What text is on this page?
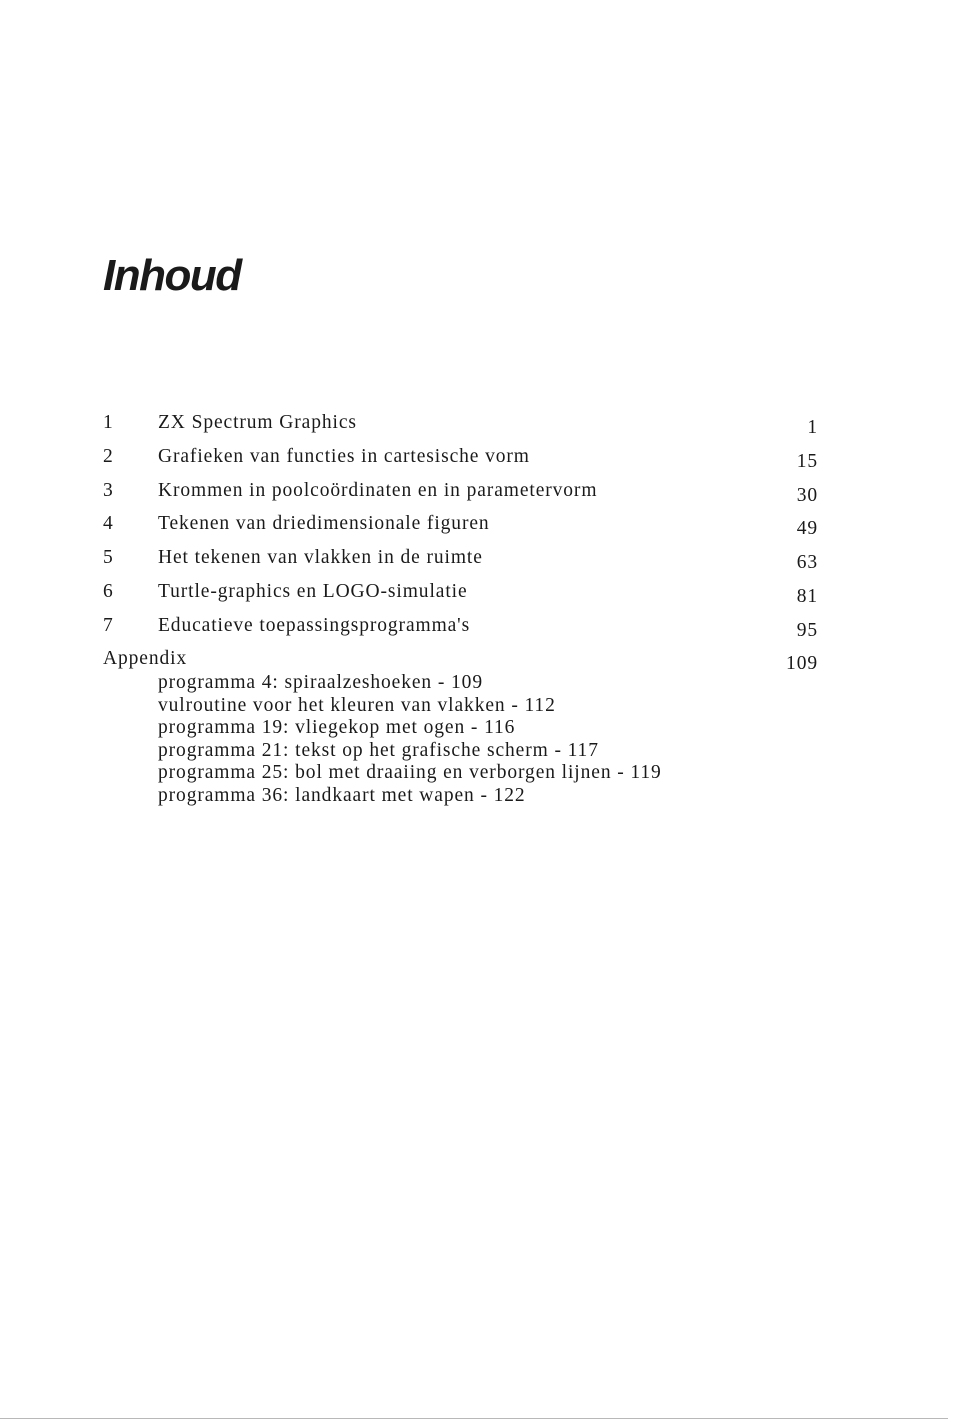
Inhoud
1 ZX Spectrum Graphics	1
2 Grafieken van functies in cartesische vorm	15
3 Krommen in poolcoördinaten en in parametervorm	30
4 Tekenen van driedimensionale figuren	49
5 Het tekenen van vlakken in de ruimte	63
6 Turtle-graphics en LOGO-simulatie	81
7 Educatieve toepassingsprogramma's	95
Appendix	109
programma 4: spiraalzeshoeken - 109
vulroutine voor het kleuren van vlakken - 112
programma 19: vliegekop met ogen - 116
programma 21: tekst op het grafische scherm - 117
programma 25: bol met draaiing en verborgen lijnen - 119
programma 36: landkaart met wapen - 122
